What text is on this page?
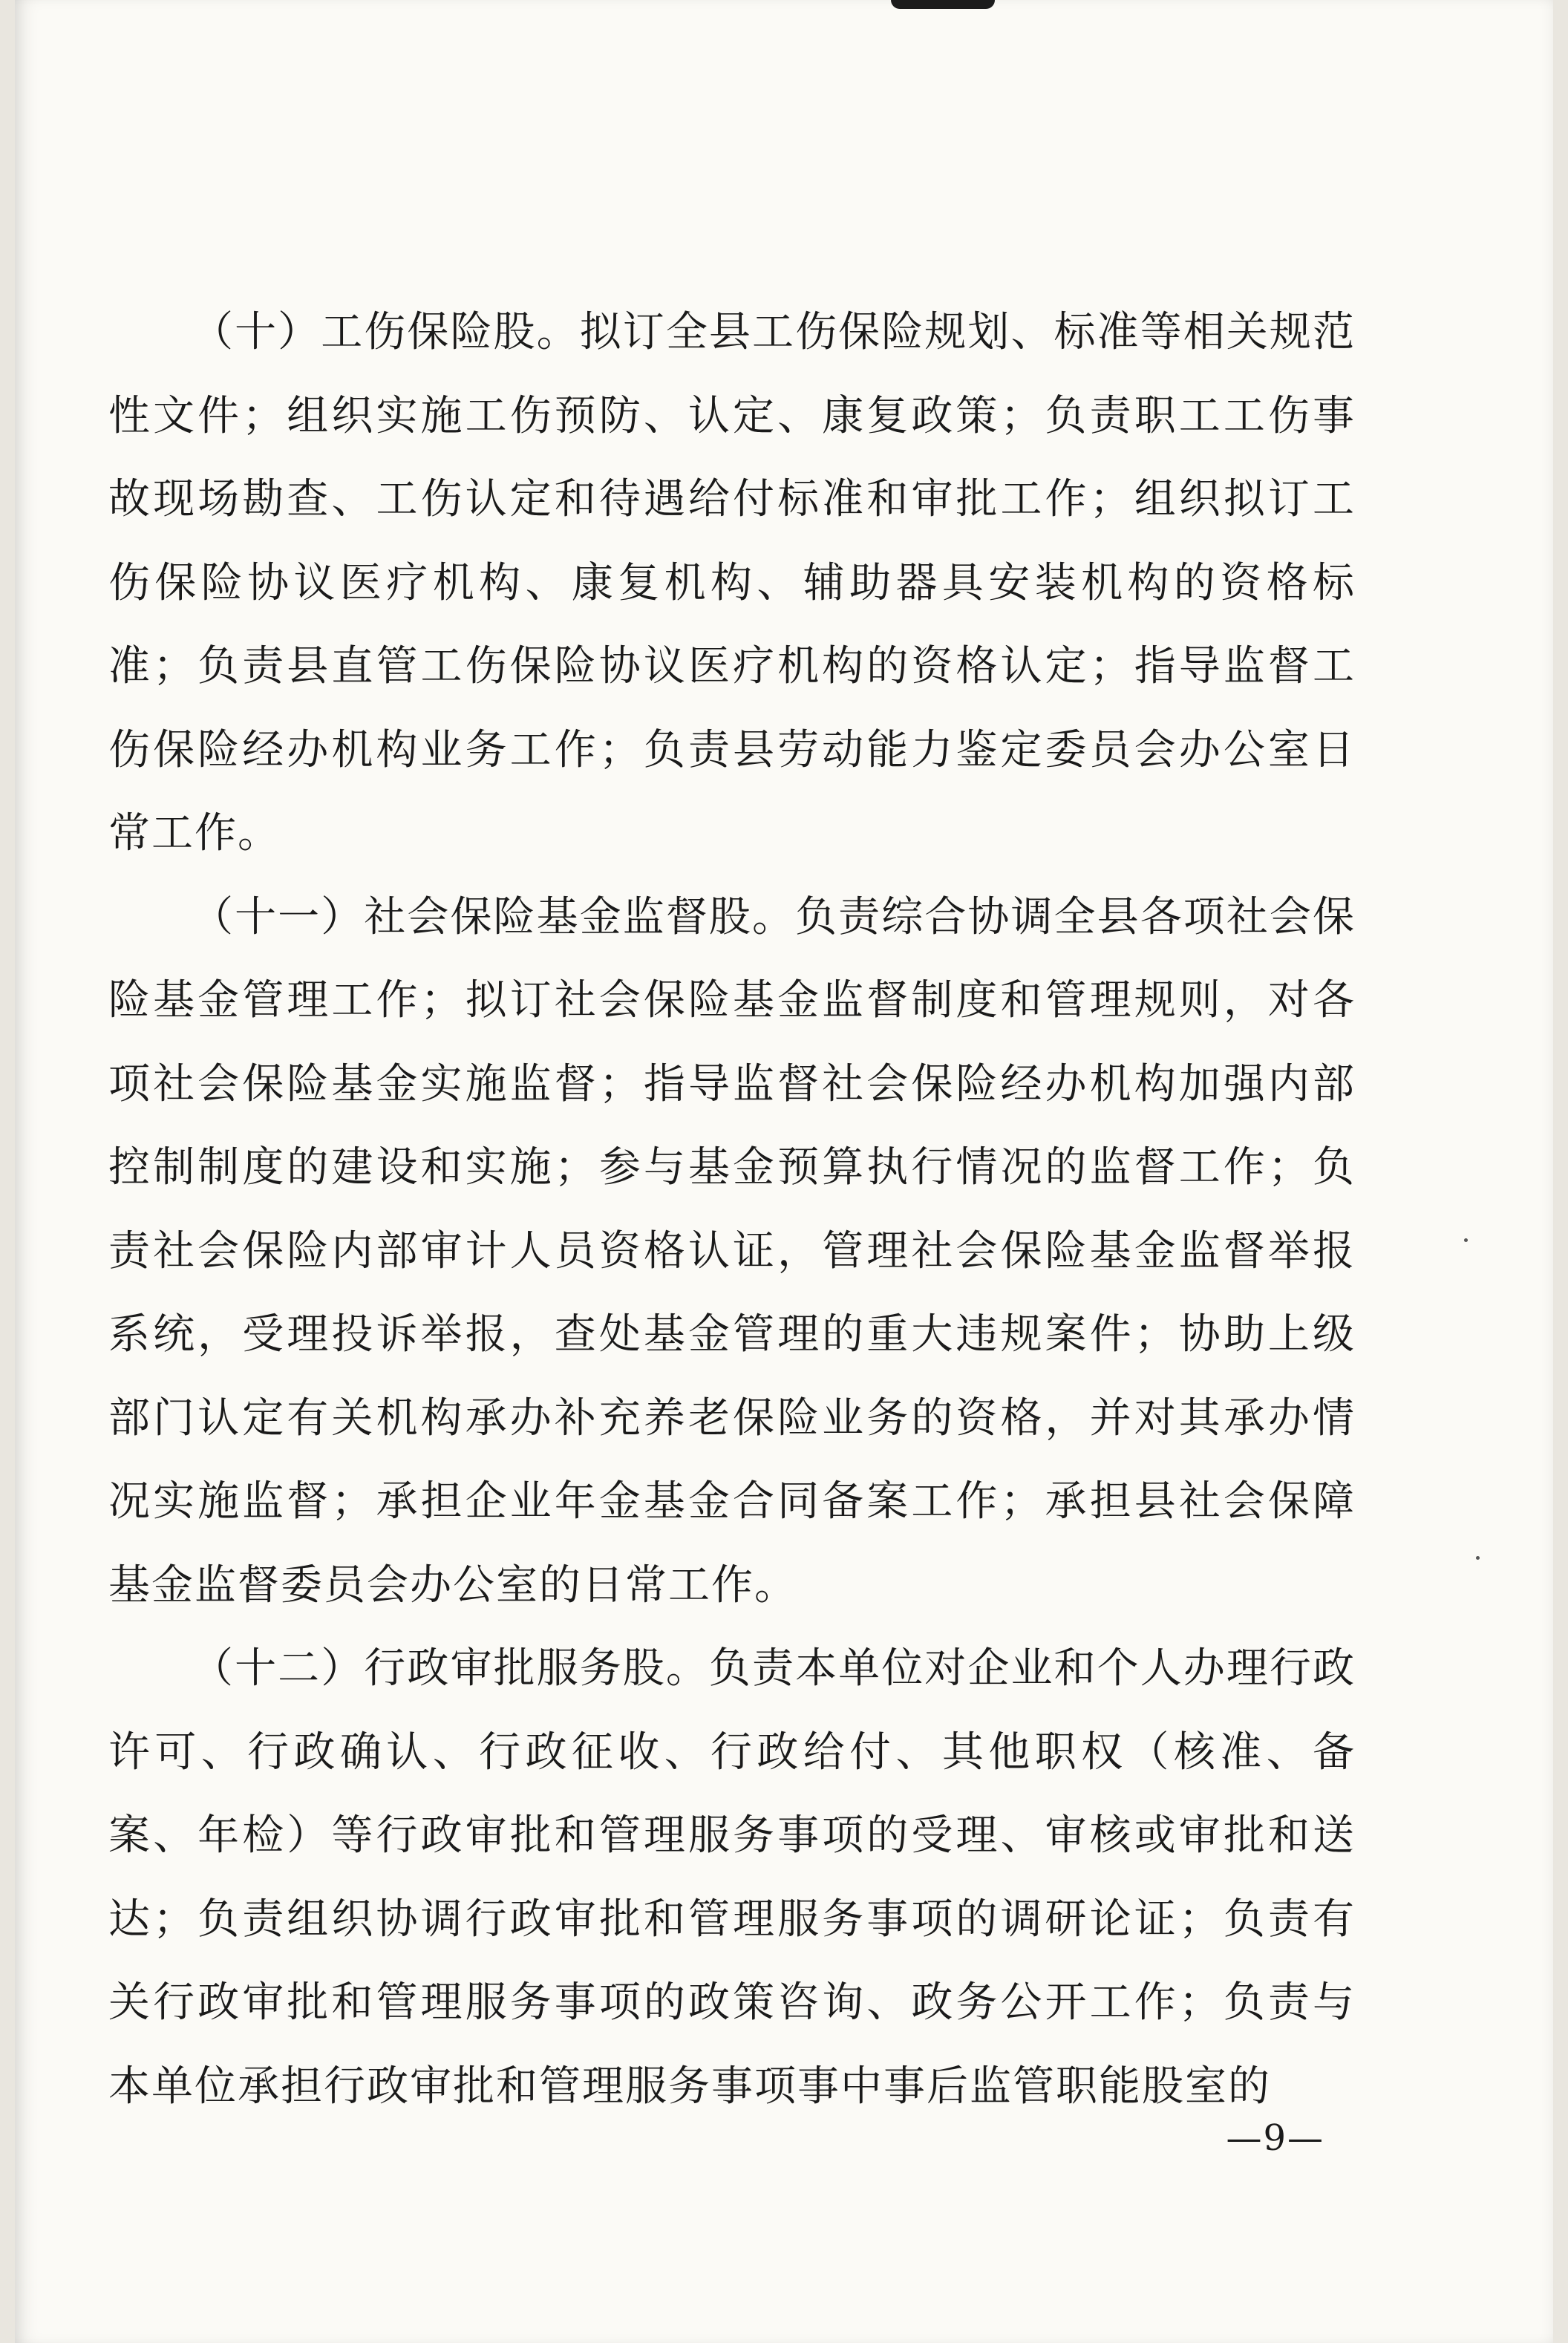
（十）工伤保险股。拟订全县工伤保险规划、标准等相关规范性文件；组织实施工伤预防、认定、康复政策；负责职工工伤事故现场勘查、工伤认定和待遇给付标准和审批工作；组织拟订工伤保险协议医疗机构、康复机构、辅助器具安装机构的资格标准；负责县直管工伤保险协议医疗机构的资格认定；指导监督工伤保险经办机构业务工作；负责县劳动能力鉴定委员会办公室日常工作。

（十一）社会保险基金监督股。负责综合协调全县各项社会保险基金管理工作；拟订社会保险基金监督制度和管理规则，对各项社会保险基金实施监督；指导监督社会保险经办机构加强内部控制制度的建设和实施；参与基金预算执行情况的监督工作；负责社会保险内部审计人员资格认证，管理社会保险基金监督举报系统，受理投诉举报，查处基金管理的重大违规案件；协助上级部门认定有关机构承办补充养老保险业务的资格，并对其承办情况实施监督；承担企业年金基金合同备案工作；承担县社会保障基金监督委员会办公室的日常工作。

（十二）行政审批服务股。负责本单位对企业和个人办理行政许可、行政确认、行政征收、行政给付、其他职权（核准、备案、年检）等行政审批和管理服务事项的受理、审核或审批和送达；负责组织协调行政审批和管理服务事项的调研论证；负责有关行政审批和管理服务事项的政策咨询、政务公开工作；负责与本单位承担行政审批和管理服务事项事中事后监管职能股室的

—9—
